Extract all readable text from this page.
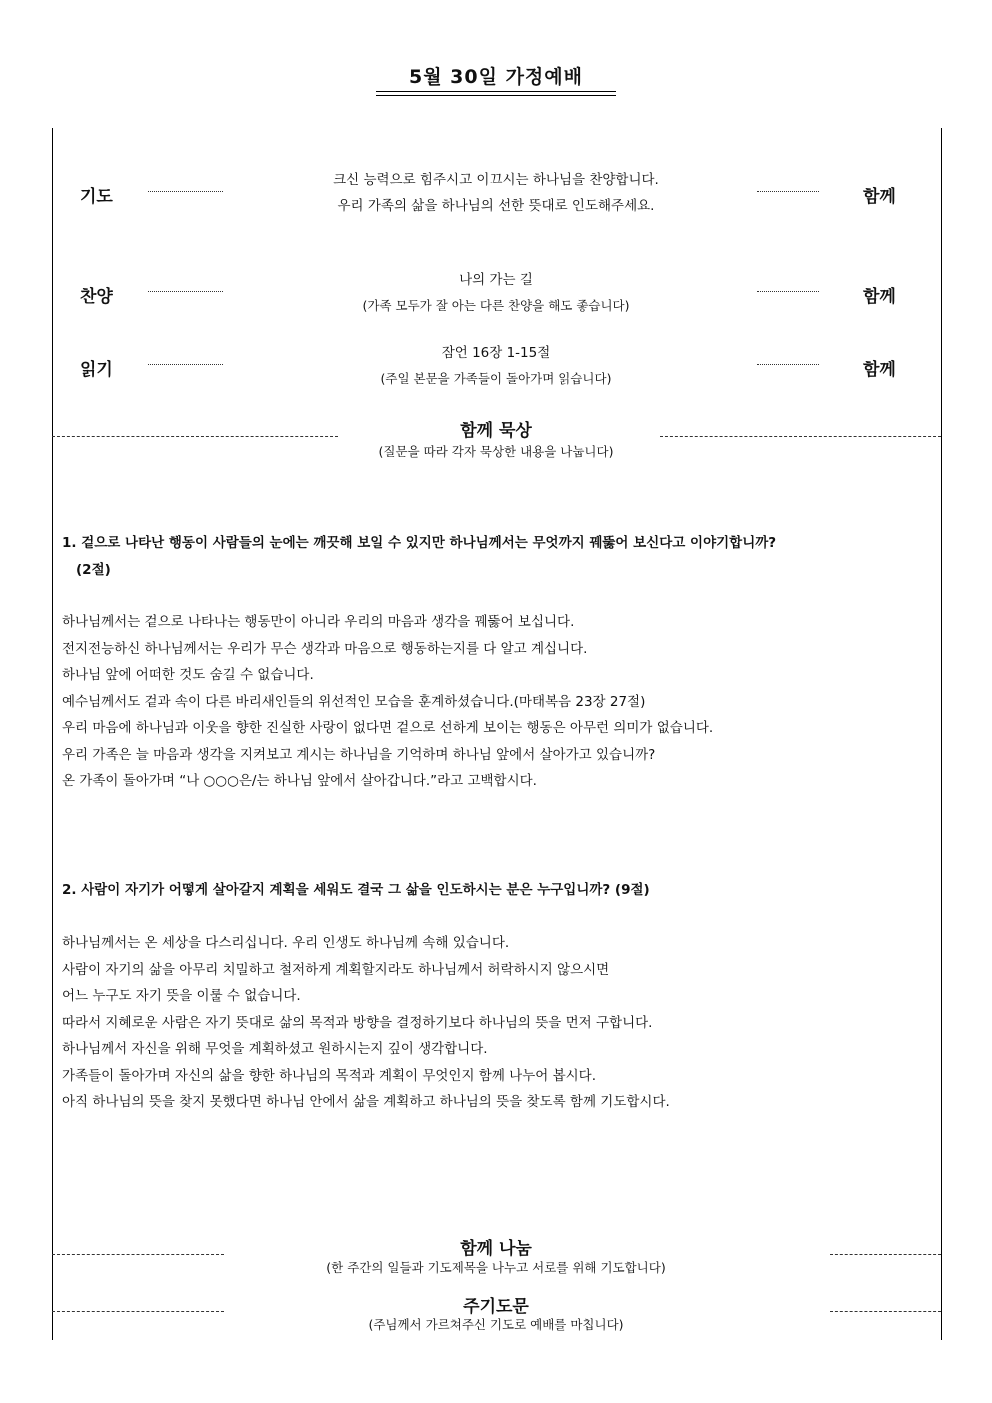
5월 30일 가정예배
기도
크신 능력으로 힘주시고 이끄시는 하나님을 찬양합니다.
우리 가족의 삶을 하나님의 선한 뜻대로 인도해주세요.	함께
찬양
나의 가는 길
(가족 모두가 잘 아는 다른 찬양을 해도 좋습니다)	함께
읽기
잠언 16장 1-15절
(주일 본문을 가족들이 돌아가며 읽습니다)	함께
함께 묵상
(질문을 따라 각자 묵상한 내용을 나눕니다)
1. 겉으로 나타난 행동이 사람들의 눈에는 깨끗해 보일 수 있지만 하나님께서는 무엇까지 꿰뚫어 보신다고 이야기합니까?
(2절)
하나님께서는 겉으로 나타나는 행동만이 아니라 우리의 마음과 생각을 꿰뚫어 보십니다.
전지전능하신 하나님께서는 우리가 무슨 생각과 마음으로 행동하는지를 다 알고 계십니다.
하나님 앞에 어떠한 것도 숨길 수 없습니다.
예수님께서도 겉과 속이 다른 바리새인들의 위선적인 모습을 훈계하셨습니다.(마태복음 23장 27절)
우리 마음에 하나님과 이웃을 향한 진실한 사랑이 없다면 겉으로 선하게 보이는 행동은 아무런 의미가 없습니다.
우리 가족은 늘 마음과 생각을 지켜보고 계시는 하나님을 기억하며 하나님 앞에서 살아가고 있습니까?
온 가족이 돌아가며 “나 ○○○은/는 하나님 앞에서 살아갑니다.”라고 고백합시다.
2. 사람이 자기가 어떻게 살아갈지 계획을 세워도 결국 그 삶을 인도하시는 분은 누구입니까? (9절)
하나님께서는 온 세상을 다스리십니다. 우리 인생도 하나님께 속해 있습니다.
사람이 자기의 삶을 아무리 치밀하고 철저하게 계획할지라도 하나님께서 허락하시지 않으시면
어느 누구도 자기 뜻을 이룰 수 없습니다.
따라서 지혜로운 사람은 자기 뜻대로 삶의 목적과 방향을 결정하기보다 하나님의 뜻을 먼저 구합니다.
하나님께서 자신을 위해 무엇을 계획하셨고 원하시는지 깊이 생각합니다.
가족들이 돌아가며 자신의 삶을 향한 하나님의 목적과 계획이 무엇인지 함께 나누어 봅시다.
아직 하나님의 뜻을 찾지 못했다면 하나님 안에서 삶을 계획하고 하나님의 뜻을 찾도록 함께 기도합시다.
함께 나눔
(한 주간의 일들과 기도제목을 나누고 서로를 위해 기도합니다)
주기도문
(주님께서 가르쳐주신 기도로 예배를 마칩니다)
